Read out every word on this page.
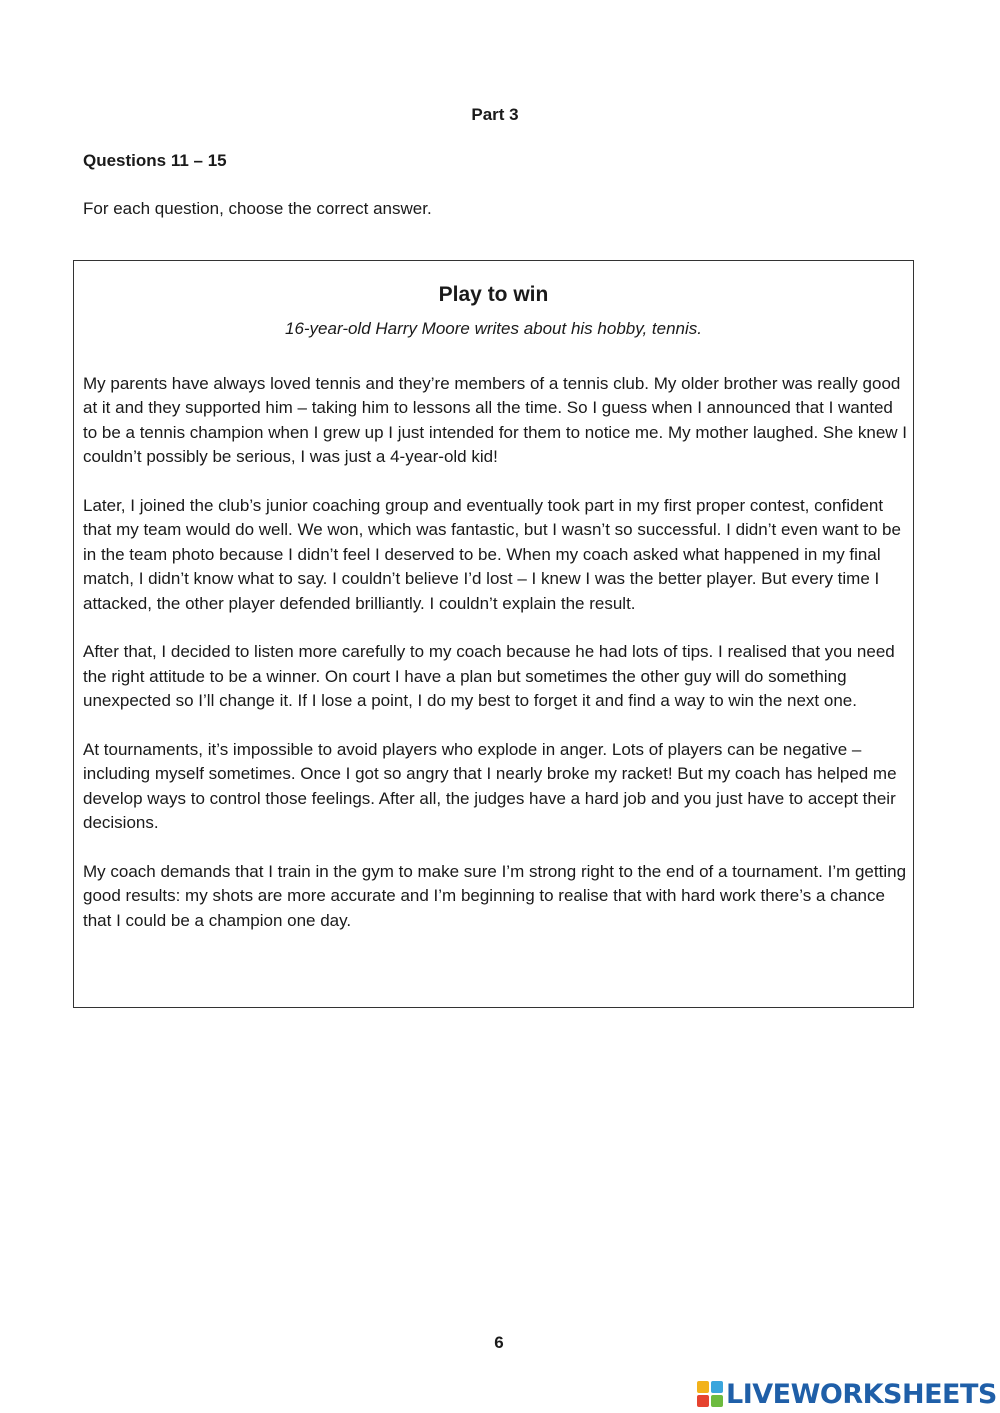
Part 3
Questions 11 – 15
For each question, choose the correct answer.
Play to win
16-year-old Harry Moore writes about his hobby, tennis.

My parents have always loved tennis and they’re members of a tennis club. My older brother was really good at it and they supported him – taking him to lessons all the time. So I guess when I announced that I wanted to be a tennis champion when I grew up I just intended for them to notice me. My mother laughed. She knew I couldn’t possibly be serious, I was just a 4-year-old kid!

Later, I joined the club’s junior coaching group and eventually took part in my first proper contest, confident that my team would do well. We won, which was fantastic, but I wasn’t so successful. I didn’t even want to be in the team photo because I didn’t feel I deserved to be. When my coach asked what happened in my final match, I didn’t know what to say. I couldn’t believe I’d lost – I knew I was the better player. But every time I attacked, the other player defended brilliantly. I couldn’t explain the result.

After that, I decided to listen more carefully to my coach because he had lots of tips. I realised that you need the right attitude to be a winner. On court I have a plan but sometimes the other guy will do something unexpected so I’ll change it. If I lose a point, I do my best to forget it and find a way to win the next one.

At tournaments, it’s impossible to avoid players who explode in anger. Lots of players can be negative – including myself sometimes. Once I got so angry that I nearly broke my racket! But my coach has helped me develop ways to control those feelings. After all, the judges have a hard job and you just have to accept their decisions.

My coach demands that I train in the gym to make sure I’m strong right to the end of a tournament. I’m getting good results: my shots are more accurate and I’m beginning to realise that with hard work there’s a chance that I could be a champion one day.

6
LIVEWORKSHEETS
